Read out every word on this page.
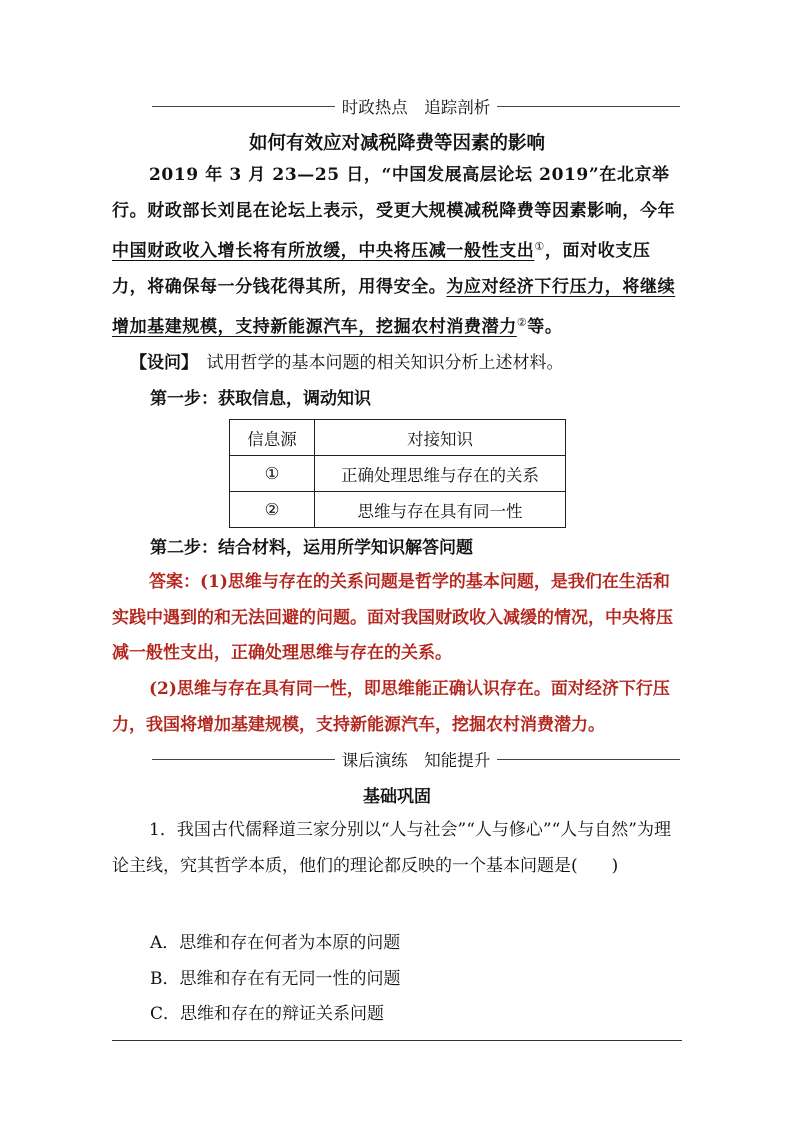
时政热点　追踪剖析
如何有效应对减税降费等因素的影响

2019 年 3 月 23—25 日，“中国发展高层论坛 2019”在北京举行。财政部长刘昆在论坛上表示，受更大规模减税降费等因素影响，今年中国财政收入增长将有所放缓，中央将压减一般性支出①，面对收支压力，将确保每一分钱花得其所，用得安全。为应对经济下行压力，将继续增加基建规模，支持新能源汽车，挖掘农村消费潜力②等。

【设问】　试用哲学的基本问题的相关知识分析上述材料。
第一步：获取信息，调动知识
信息源	对接知识
①	正确处理思维与存在的关系
②	思维与存在具有同一性
第二步：结合材料，运用所学知识解答问题

答案：(1)思维与存在的关系问题是哲学的基本问题，是我们在生活和实践中遇到的和无法回避的问题。面对我国财政收入减缓的情况，中央将压减一般性支出，正确处理思维与存在的关系。

(2)思维与存在具有同一性，即思维能正确认识存在。面对经济下行压力，我国将增加基建规模，支持新能源汽车，挖掘农村消费潜力。

课后演练　知能提升
基础巩固

1．我国古代儒释道三家分别以“人与社会”“人与修心”“人与自然”为理论主线，究其哲学本质，他们的理论都反映的一个基本问题是(　　)

A．思维和存在何者为本原的问题
B．思维和存在有无同一性的问题
C．思维和存在的辩证关系问题
